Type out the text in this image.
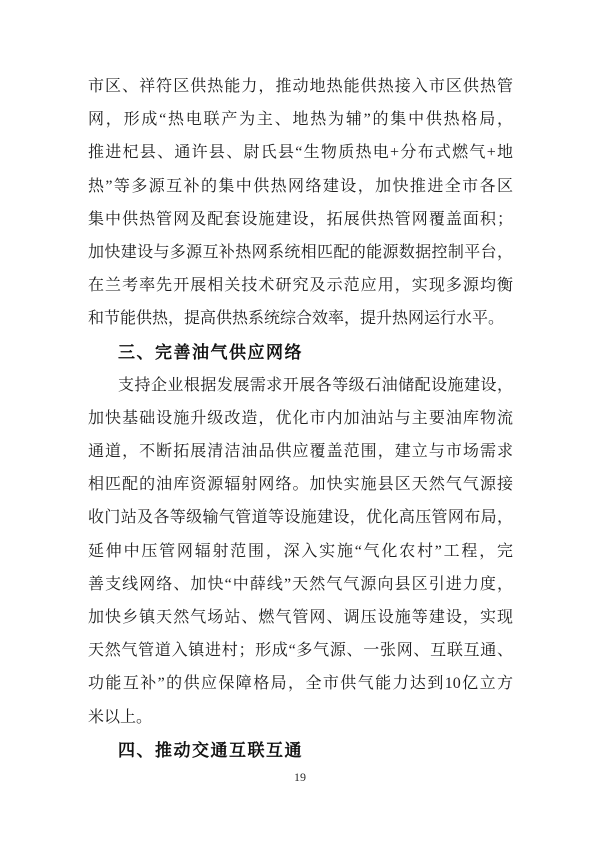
市区、祥符区供热能力，推动地热能供热接入市区供热管
网，形成“热电联产为主、地热为辅”的集中供热格局，
推进杞县、通许县、尉氏县“生物质热电+分布式燃气+地
热”等多源互补的集中供热网络建设，加快推进全市各区
集中供热管网及配套设施建设，拓展供热管网覆盖面积；
加快建设与多源互补热网系统相匹配的能源数据控制平台，
在兰考率先开展相关技术研究及示范应用，实现多源均衡
和节能供热，提高供热系统综合效率，提升热网运行水平。
三、完善油气供应网络
支持企业根据发展需求开展各等级石油储配设施建设，
加快基础设施升级改造，优化市内加油站与主要油库物流
通道，不断拓展清洁油品供应覆盖范围，建立与市场需求
相匹配的油库资源辐射网络。加快实施县区天然气气源接
收门站及各等级输气管道等设施建设，优化高压管网布局，
延伸中压管网辐射范围，深入实施“气化农村”工程，完
善支线网络、加快“中薛线”天然气气源向县区引进力度，
加快乡镇天然气场站、燃气管网、调压设施等建设，实现
天然气管道入镇进村；形成“多气源、一张网、互联互通、
功能互补”的供应保障格局，全市供气能力达到10亿立方
米以上。
四、推动交通互联互通
19
